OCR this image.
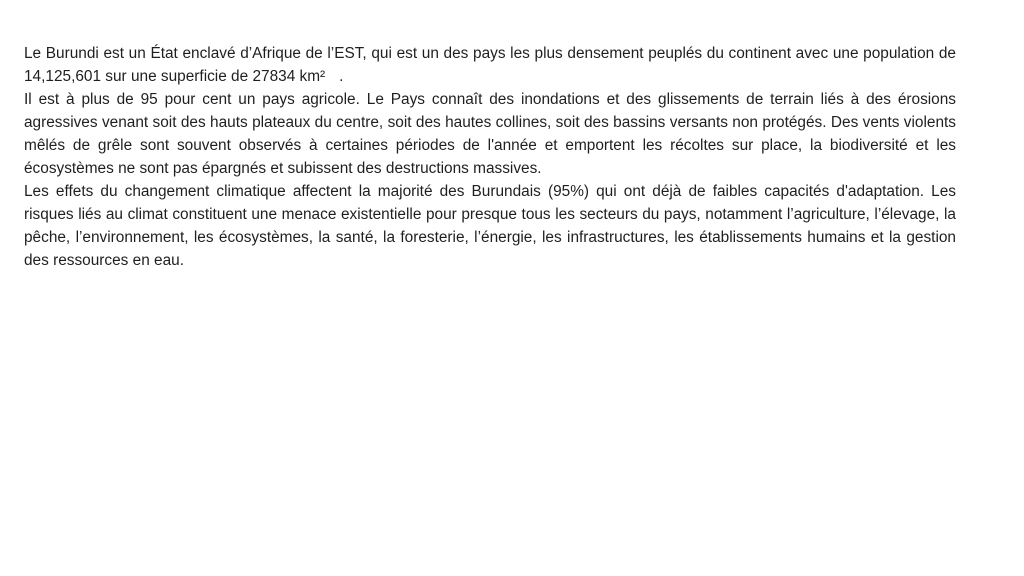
Le Burundi est un État enclavé d’Afrique de l’EST, qui est un des pays les plus densement peuplés du continent avec une population de 14,125,601 sur une superficie de 27834 km² .

Il est à plus de 95 pour cent un pays agricole. Le Pays connaît des inondations et des glissements de terrain liés à des érosions agressives venant soit des hauts plateaux du centre, soit des hautes collines, soit des bassins versants non protégés. Des vents violents mêlés de grêle sont souvent observés à certaines périodes de l'année et emportent les récoltes sur place, la biodiversité et les écosystèmes ne sont pas épargnés et subissent des destructions massives.

Les effets du changement climatique affectent la majorité des Burundais (95%) qui ont déjà de faibles capacités d'adaptation. Les risques liés au climat constituent une menace existentielle pour presque tous les secteurs du pays, notamment l’agriculture, l’élevage, la pêche, l’environnement, les écosystèmes, la santé, la foresterie, l’énergie, les infrastructures, les établissements humains et la gestion des ressources en eau.
